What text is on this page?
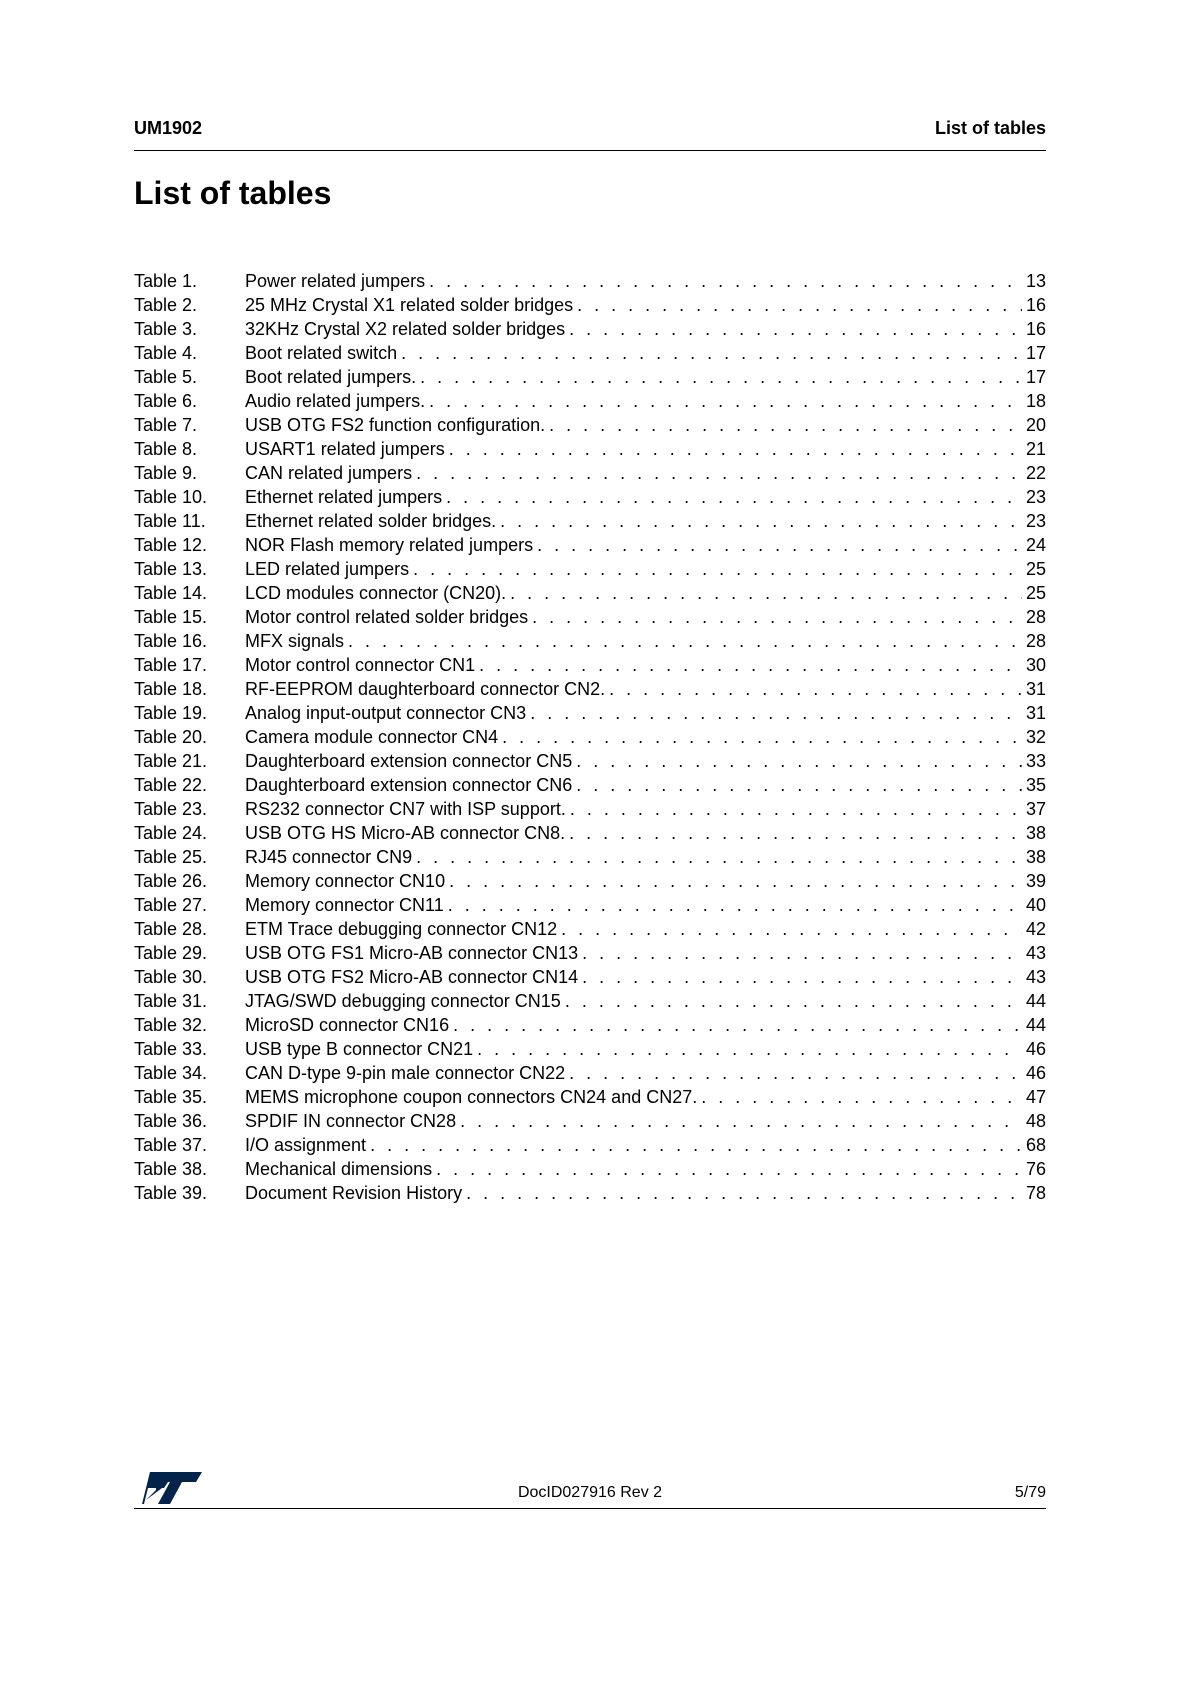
UM1902	List of tables
List of tables
Table 1.	Power related jumpers . . .	13
Table 2.	25 MHz Crystal X1 related solder bridges . . .	16
Table 3.	32KHz Crystal X2 related solder bridges . . .	16
Table 4.	Boot related switch . . .	17
Table 5.	Boot related jumpers. . . .	17
Table 6.	Audio related jumpers. . . .	18
Table 7.	USB OTG FS2 function configuration. . . .	20
Table 8.	USART1 related jumpers . . .	21
Table 9.	CAN related jumpers . . .	22
Table 10.	Ethernet related jumpers . . .	23
Table 11.	Ethernet related solder bridges. . . .	23
Table 12.	NOR Flash memory related jumpers . . .	24
Table 13.	LED related jumpers . . .	25
Table 14.	LCD modules connector (CN20). . . .	25
Table 15.	Motor control related solder bridges . . .	28
Table 16.	MFX signals . . .	28
Table 17.	Motor control connector CN1 . . .	30
Table 18.	RF-EEPROM daughterboard connector CN2. . . .	31
Table 19.	Analog input-output connector CN3 . . .	31
Table 20.	Camera module connector CN4 . . .	32
Table 21.	Daughterboard extension connector CN5 . . .	33
Table 22.	Daughterboard extension connector CN6 . . .	35
Table 23.	RS232 connector CN7 with ISP support. . . .	37
Table 24.	USB OTG HS Micro-AB connector CN8. . . .	38
Table 25.	RJ45 connector CN9 . . .	38
Table 26.	Memory connector CN10 . . .	39
Table 27.	Memory connector CN11 . . .	40
Table 28.	ETM Trace debugging connector CN12 . . .	42
Table 29.	USB OTG FS1 Micro-AB connector CN13 . . .	43
Table 30.	USB OTG FS2 Micro-AB connector CN14 . . .	43
Table 31.	JTAG/SWD debugging connector CN15 . . .	44
Table 32.	MicroSD connector CN16 . . .	44
Table 33.	USB type B connector CN21 . . .	46
Table 34.	CAN D-type 9-pin male connector CN22 . . .	46
Table 35.	MEMS microphone coupon connectors CN24 and CN27. . . .	47
Table 36.	SPDIF IN connector CN28 . . .	48
Table 37.	I/O assignment . . .	68
Table 38.	Mechanical dimensions . . .	76
Table 39.	Document Revision History . . .	78
DocID027916 Rev 2	5/79
